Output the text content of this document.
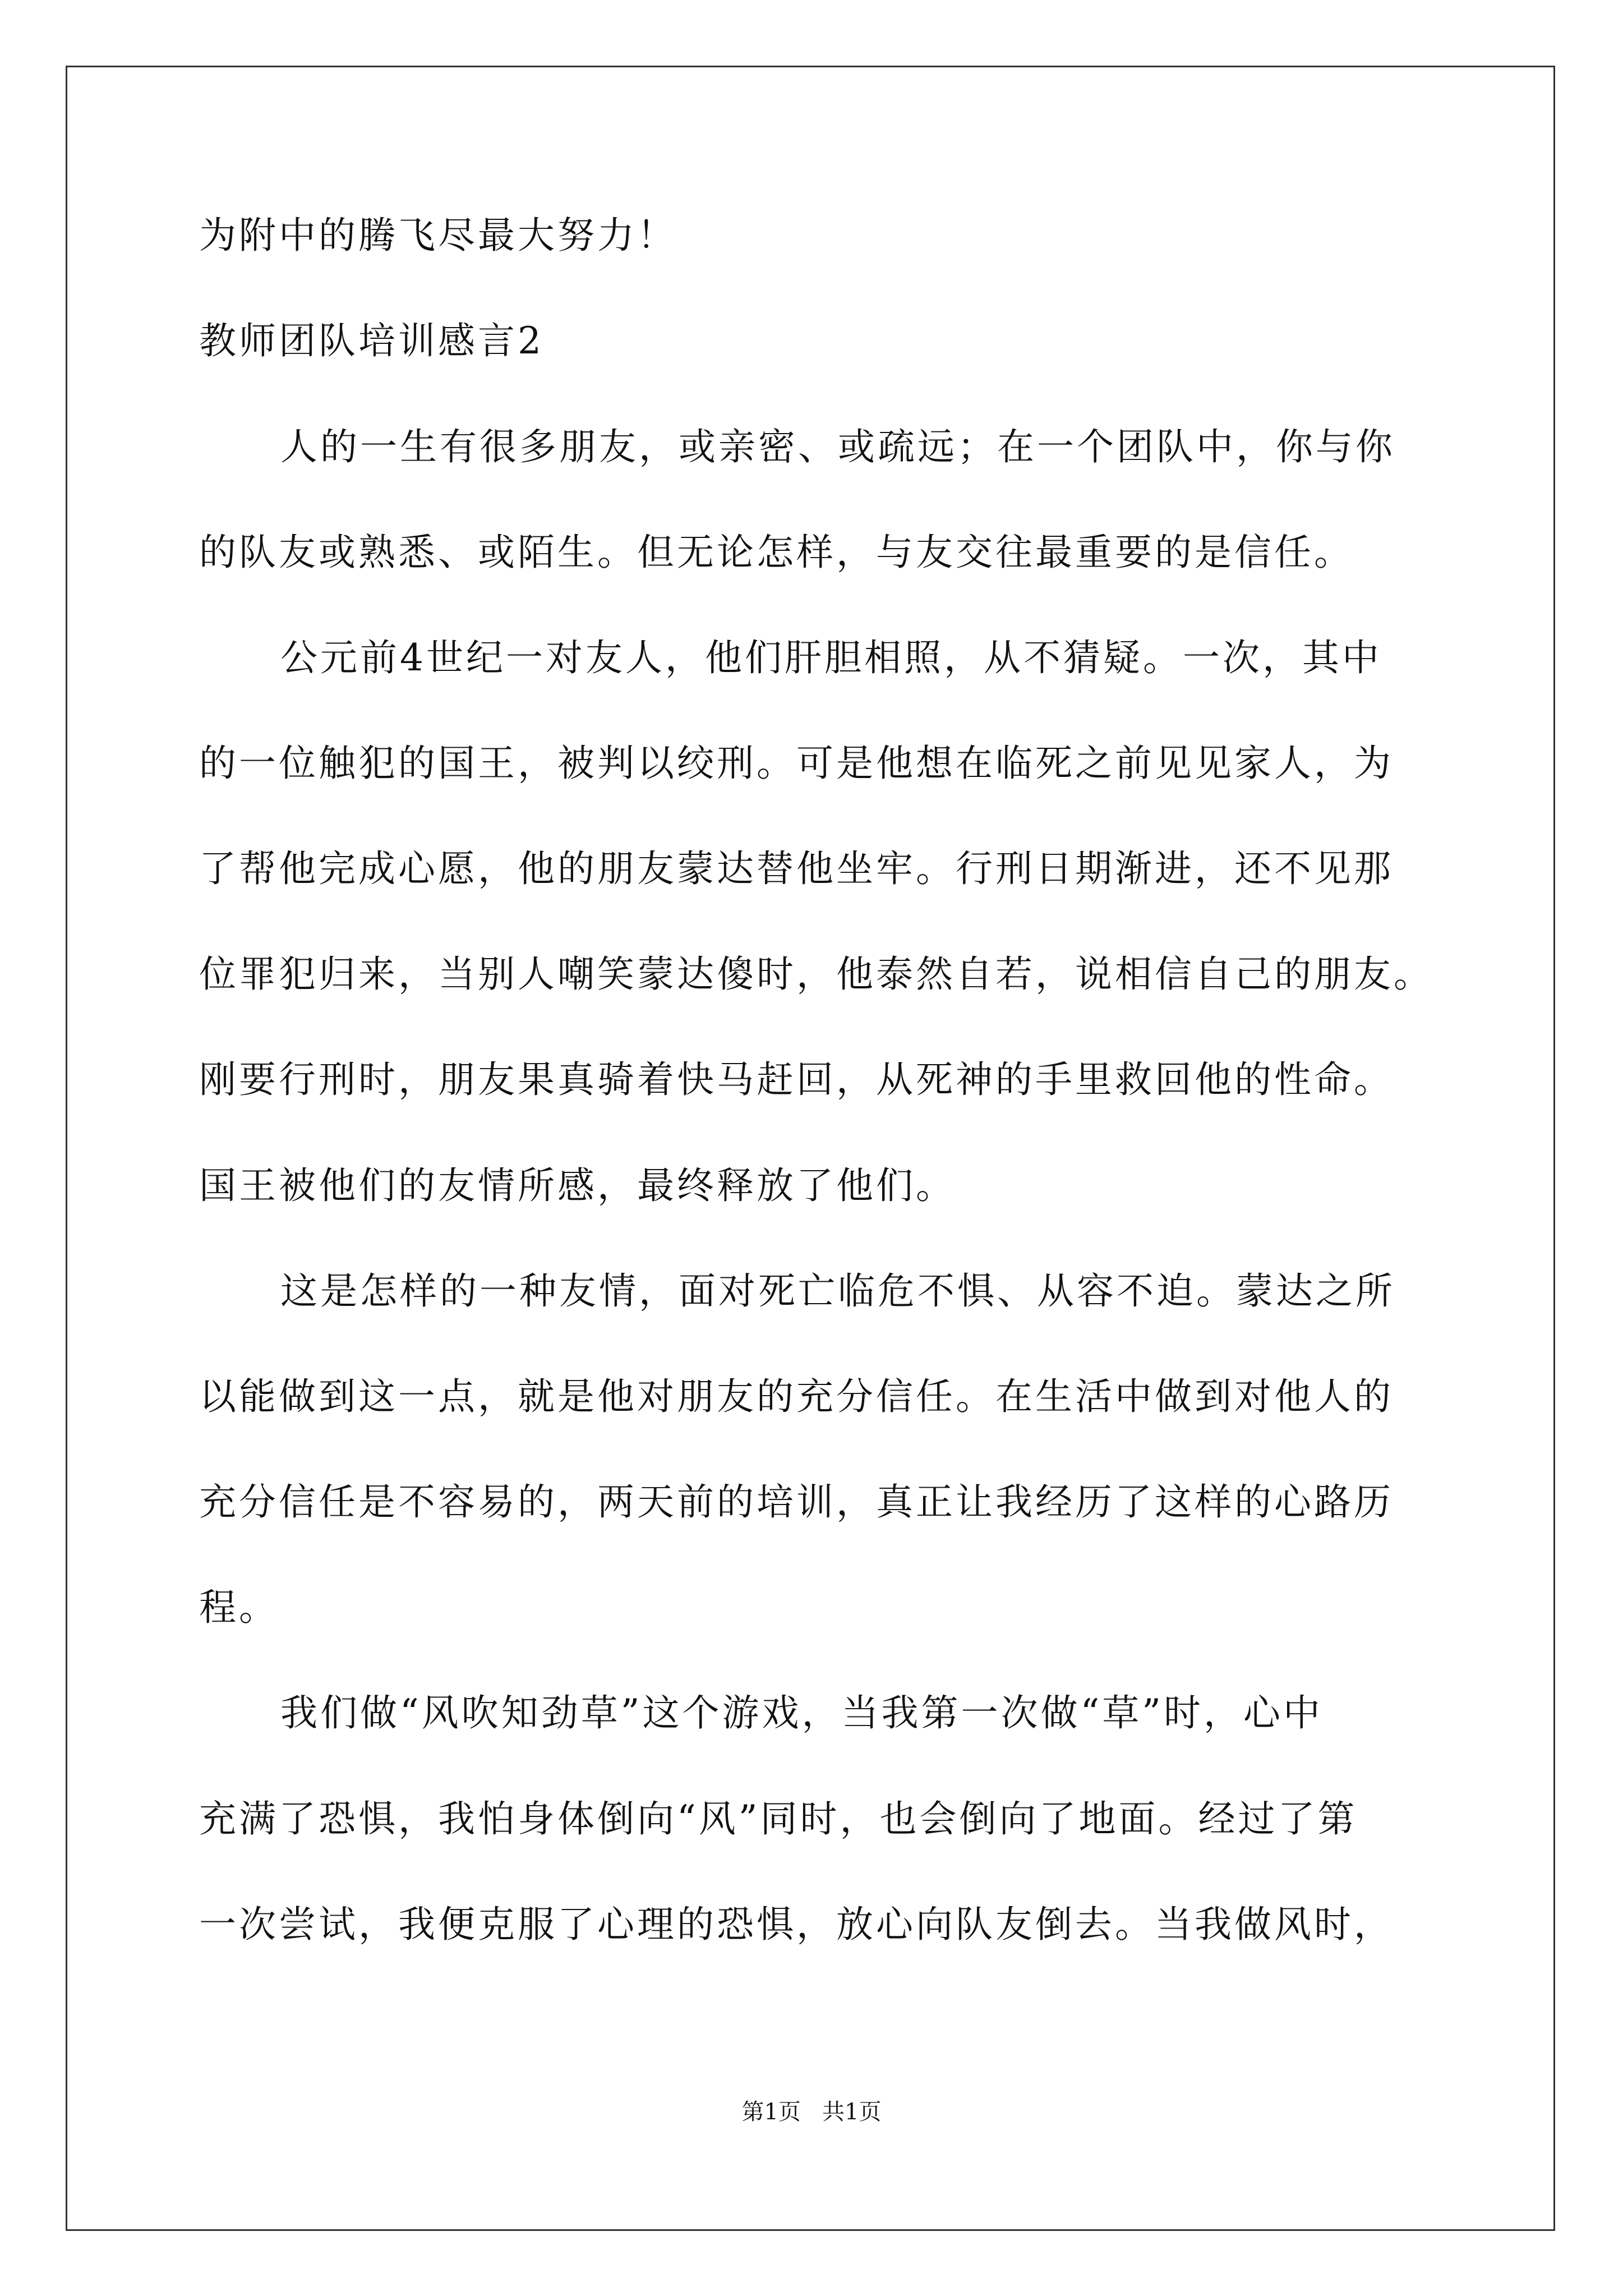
为附中的腾飞尽最大努力！
教师团队培训感言2
人的一生有很多朋友，或亲密、或疏远；在一个团队中，你与你
的队友或熟悉、或陌生。但无论怎样，与友交往最重要的是信任。
公元前4世纪一对友人，他们肝胆相照，从不猜疑。一次，其中
的一位触犯的国王，被判以绞刑。可是他想在临死之前见见家人，为
了帮他完成心愿，他的朋友蒙达替他坐牢。行刑日期渐进，还不见那
位罪犯归来，当别人嘲笑蒙达傻时，他泰然自若，说相信自己的朋友。
刚要行刑时，朋友果真骑着快马赶回，从死神的手里救回他的性命。
国王被他们的友情所感，最终释放了他们。
这是怎样的一种友情，面对死亡临危不惧、从容不迫。蒙达之所
以能做到这一点，就是他对朋友的充分信任。在生活中做到对他人的
充分信任是不容易的，两天前的培训，真正让我经历了这样的心路历
程。
我们做“风吹知劲草”这个游戏，当我第一次做“草”时，心中
充满了恐惧，我怕身体倒向“风”同时，也会倒向了地面。经过了第
一次尝试，我便克服了心理的恐惧，放心向队友倒去。当我做风时，
第1页   共1页
